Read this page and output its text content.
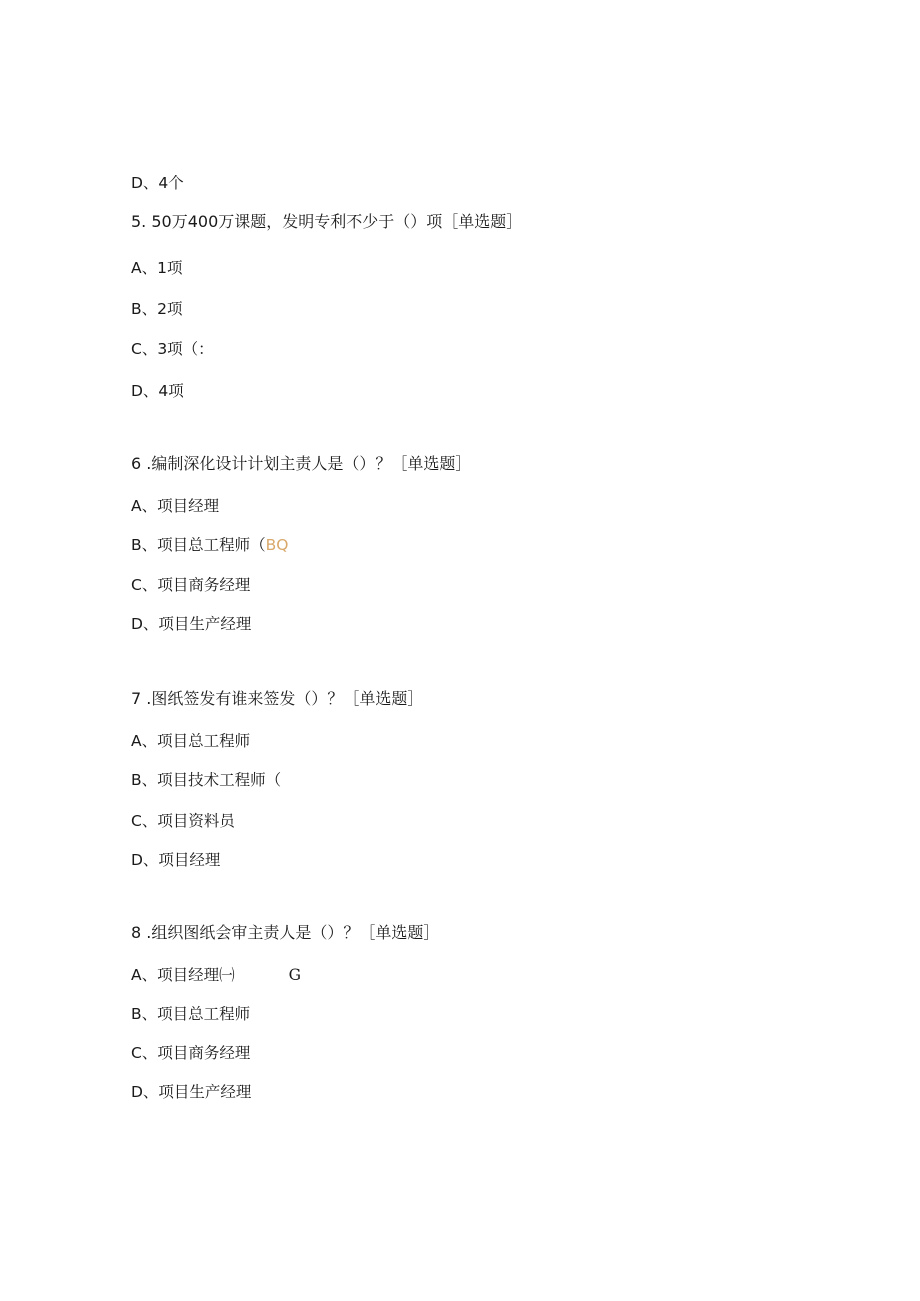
D、4个
5. 50万400万课题，发明专利不少于（）项［单选题］
A、1项
B、2项
C、3项（：
D、4项
6 .编制深化设计计划主责人是（）？［单选题］
A、项目经理
B、项目总工程师（BQ
C、项目商务经理
D、项目生产经理
7 .图纸签发有谁来签发（）？［单选题］
A、项目总工程师
B、项目技术工程师（
C、项目资料员
D、项目经理
8 .组织图纸会审主责人是（）？［单选题］
A、项目经理㈠	G
B、项目总工程师
C、项目商务经理
D、项目生产经理
